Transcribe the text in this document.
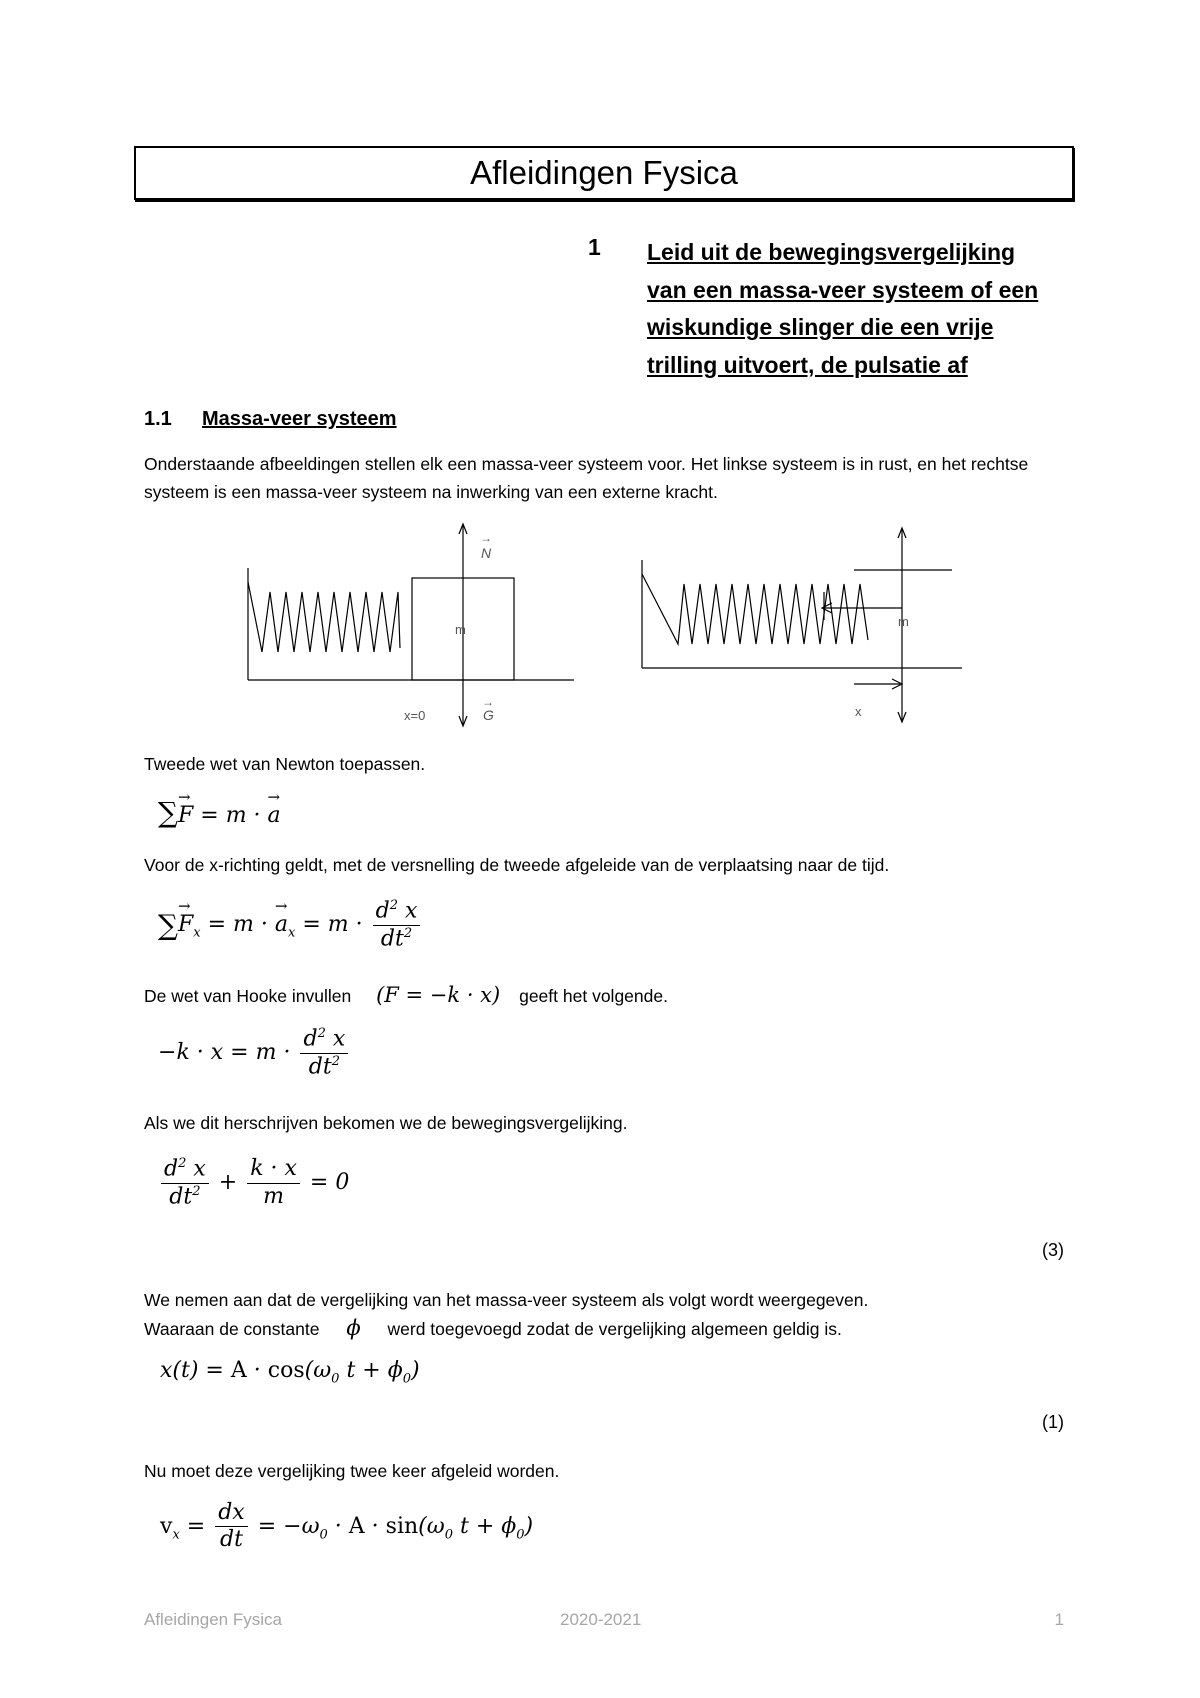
Afleidingen Fysica
1 Leid uit de bewegingsvergelijking
van een massa-veer systeem of een
wiskundige slinger die een vrije
trilling uitvoert, de pulsatie af
1.1 Massa-veer systeem
Onderstaande afbeeldingen stellen elk een massa-veer systeem voor. Het linkse systeem is in rust, en het rechtse systeem is een massa-veer systeem na inwerking van een externe kracht.
N
→
m
x=0	G
→
m
x
Tweede wet van Newton toepassen.
∑→ F = m · → a
Voor de x-richting geldt, met de versnelling de tweede afgeleide van de verplaatsing naar de tijd.
∑→ $F_x = m$ · → $a_x = m \cdot \frac{d^2 x}{dt^2}$
De wet van Hooke invullen (F = −k · x) geeft het volgende.
$-k \cdot x = m \cdot \frac{d^2 x}{dt^2}$
Als we dit herschrijven bekomen we de bewegingsvergelijking.
$\frac{d^2 x}{dt^2} + \frac{k \cdot x}{m} = 0$
(3)
We nemen aan dat de vergelijking van het massa-veer systeem als volgt wordt weergegeven.
Waaraan de constante ϕ werd toegevoegd zodat de vergelijking algemeen geldig is.
$x(t) = A \cdot \cos(\omega_0$ $t + \phi_0$)
(1)
Nu moet deze vergelijking twee keer afgeleid worden.
$v_x = \frac{dx}{dt} = -\omega_0 \cdot A \cdot \sin(\omega_0$ $t + \phi_0$)
Afleidingen Fysica	2020-2021	1
